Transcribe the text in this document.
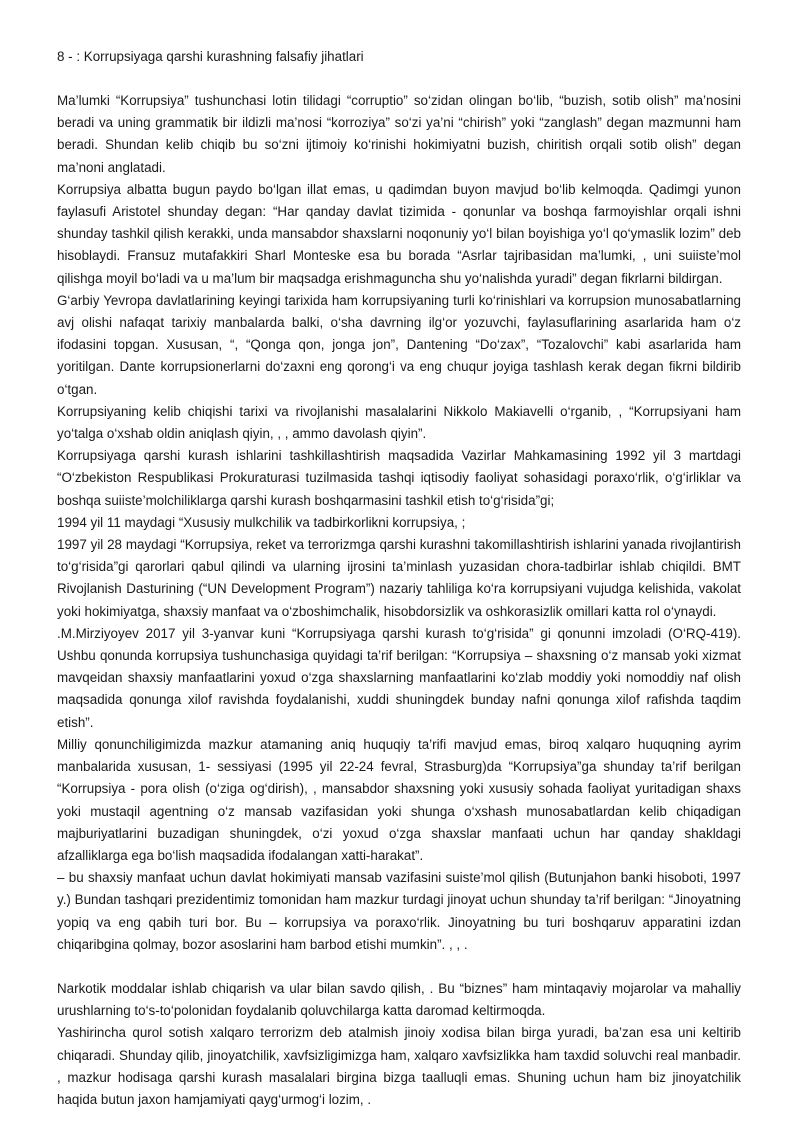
8 - : Korrupsiyaga qarshi kurashning falsafiy jihatlari

Ma’lumki “Korrupsiya” tushunchasi lotin tilidagi “corruptio” so‘zidan olingan bo‘lib, “buzish, sotib olish” ma’nosini beradi va uning grammatik bir ildizli ma’nosi “korroziya” so‘zi ya’ni “chirish” yoki “zanglash” degan mazmunni ham beradi. Shundan kelib chiqib bu so‘zni ijtimoiy ko‘rinishi hokimiyatni buzish, chiritish orqali sotib olish” degan ma’noni anglatadi.

Korrupsiya albatta bugun paydo bo‘lgan illat emas, u qadimdan buyon mavjud bo‘lib kelmoqda. Qadimgi yunon faylasufi Aristotel shunday degan: “Har qanday davlat tizimida - qonunlar va boshqa farmoyishlar orqali ishni shunday tashkil qilish kerakki, unda mansabdor shaxslarni noqonuniy yo‘l bilan boyishiga yo‘l qo‘ymaslik lozim” deb hisoblaydi. Fransuz mutafakkiri Sharl Monteske esa bu borada “Asrlar tajribasidan ma’lumki, , uni suiiste’mol qilishga moyil bo‘ladi va u ma’lum bir maqsadga erishmaguncha shu yo‘nalishda yuradi” degan fikrlarni bildirgan.

G‘arbiy Yevropa davlatlarining keyingi tarixida ham korrupsiyaning turli ko‘rinishlari va korrupsion munosabatlarning avj olishi nafaqat tarixiy manbalarda balki, o‘sha davrning ilg‘or yozuvchi, faylasuflarining asarlarida ham o‘z ifodasini topgan. Xususan, “, “Qonga qon, jonga jon”, Dantening “Do‘zax”, “Tozalovchi” kabi asarlarida ham yoritilgan. Dante korrupsionerlarni do‘zaxni eng qorong‘i va eng chuqur joyiga tashlash kerak degan fikrni bildirib o‘tgan.

Korrupsiyaning kelib chiqishi tarixi va rivojlanishi masalalarini Nikkolo Makiavelli o‘rganib, , “Korrupsiyani ham yo‘talga o‘xshab oldin aniqlash qiyin, , , ammo davolash qiyin”.

Korrupsiyaga qarshi kurash ishlarini tashkillashtirish maqsadida Vazirlar Mahkamasining 1992 yil 3 martdagi “O‘zbekiston Respublikasi Prokuraturasi tuzilmasida tashqi iqtisodiy faoliyat sohasidagi poraxo‘rlik, o‘g‘irliklar va boshqa suiiste’molchiliklarga qarshi kurash boshqarmasini tashkil etish to‘g‘risida”gi;

1994 yil 11 maydagi “Xususiy mulkchilik va tadbirkorlikni korrupsiya, ;

1997 yil 28 maydagi “Korrupsiya, reket va terrorizmga qarshi kurashni takomillashtirish ishlarini yanada rivojlantirish to‘g‘risida”gi qarorlari qabul qilindi va ularning ijrosini ta’minlash yuzasidan chora-tadbirlar ishlab chiqildi. BMT Rivojlanish Dasturining (“UN Development Program”) nazariy tahliliga ko‘ra korrupsiyani vujudga kelishida, vakolat yoki hokimiyatga, shaxsiy manfaat va o‘zboshimchalik, hisobdorsizlik va oshkorasizlik omillari katta rol o‘ynaydi.

.M.Mirziyoyev 2017 yil 3-yanvar kuni “Korrupsiyaga qarshi kurash to‘g‘risida” gi qonunni imzoladi (O‘RQ-419). Ushbu qonunda korrupsiya tushunchasiga quyidagi ta’rif berilgan: “Korrupsiya – shaxsning o‘z mansab yoki xizmat mavqeidan shaxsiy manfaatlarini yoxud o‘zga shaxslarning manfaatlarini ko‘zlab moddiy yoki nomoddiy naf olish maqsadida qonunga xilof ravishda foydalanishi, xuddi shuningdek bunday nafni qonunga xilof rafishda taqdim etish”.

Milliy qonunchiligimizda mazkur atamaning aniq huquqiy ta’rifi mavjud emas, biroq xalqaro huquqning ayrim manbalarida xususan, 1- sessiyasi (1995 yil 22-24 fevral, Strasburg)da “Korrupsiya”ga shunday ta’rif berilgan “Korrupsiya - pora olish (o‘ziga og‘dirish), , mansabdor shaxsning yoki xususiy sohada faoliyat yuritadigan shaxs yoki mustaqil agentning o‘z mansab vazifasidan yoki shunga o‘xshash munosabatlardan kelib chiqadigan majburiyatlarini buzadigan shuningdek, o‘zi yoxud o‘zga shaxslar manfaati uchun har qanday shakldagi afzalliklarga ega bo‘lish maqsadida ifodalangan xatti-harakat”.

– bu shaxsiy manfaat uchun davlat hokimiyati mansab vazifasini suiste’mol qilish (Butunjahon banki hisoboti, 1997 y.) Bundan tashqari prezidentimiz tomonidan ham mazkur turdagi jinoyat uchun shunday ta’rif berilgan: “Jinoyatning yopiq va eng qabih turi bor. Bu – korrupsiya va poraxo‘rlik. Jinoyatning bu turi boshqaruv apparatini izdan chiqaribgina qolmay, bozor asoslarini ham barbod etishi mumkin”. , , .

Narkotik moddalar ishlab chiqarish va ular bilan savdo qilish, . Bu “biznes” ham mintaqaviy mojarolar va mahalliy urushlarning to‘s-to‘polonidan foydalanib qoluvchilarga katta daromad keltirmoqda.

Yashirincha qurol sotish xalqaro terrorizm deb atalmish jinoiy xodisa bilan birga yuradi, ba’zan esa uni keltirib chiqaradi. Shunday qilib, jinoyatchilik, xavfsizligimizga ham, xalqaro xavfsizlikka ham taxdid soluvchi real manbadir. , mazkur hodisaga qarshi kurash masalalari birgina bizga taalluqli emas. Shuning uchun ham biz jinoyatchilik haqida butun jaxon hamjamiyati qayg‘urmog‘i lozim, .
